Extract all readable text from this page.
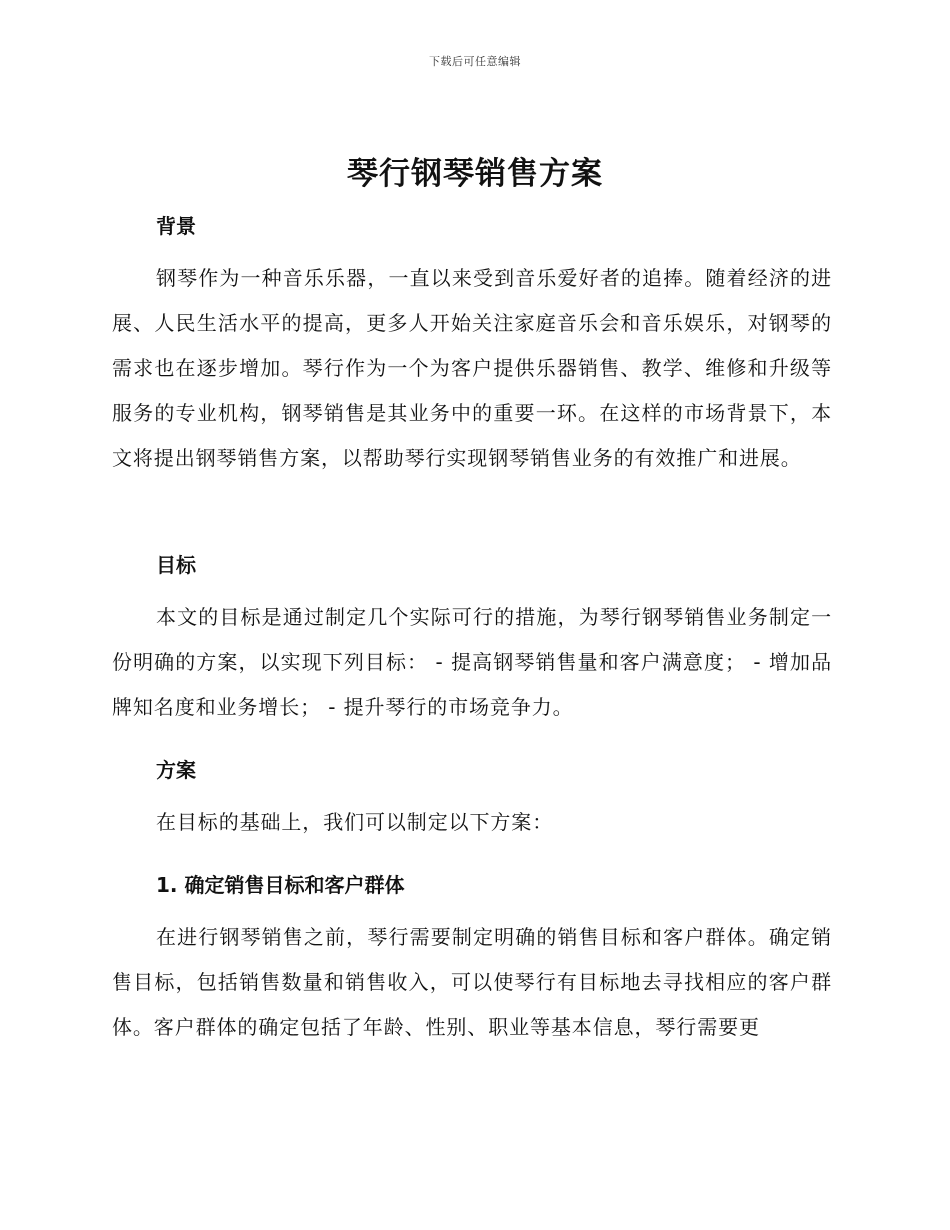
下载后可任意编辑
琴行钢琴销售方案
背景

钢琴作为一种音乐乐器，一直以来受到音乐爱好者的追捧。随着经济的进展、人民生活水平的提高，更多人开始关注家庭音乐会和音乐娱乐，对钢琴的需求也在逐步增加。琴行作为一个为客户提供乐器销售、教学、维修和升级等服务的专业机构，钢琴销售是其业务中的重要一环。在这样的市场背景下，本文将提出钢琴销售方案，以帮助琴行实现钢琴销售业务的有效推广和进展。

目标

本文的目标是通过制定几个实际可行的措施，为琴行钢琴销售业务制定一份明确的方案，以实现下列目标： - 提高钢琴销售量和客户满意度； - 增加品牌知名度和业务增长； - 提升琴行的市场竞争力。

方案

在目标的基础上，我们可以制定以下方案：

1. 确定销售目标和客户群体

在进行钢琴销售之前，琴行需要制定明确的销售目标和客户群体。确定销售目标，包括销售数量和销售收入，可以使琴行有目标地去寻找相应的客户群体。客户群体的确定包括了年龄、性别、职业等基本信息，琴行需要更
